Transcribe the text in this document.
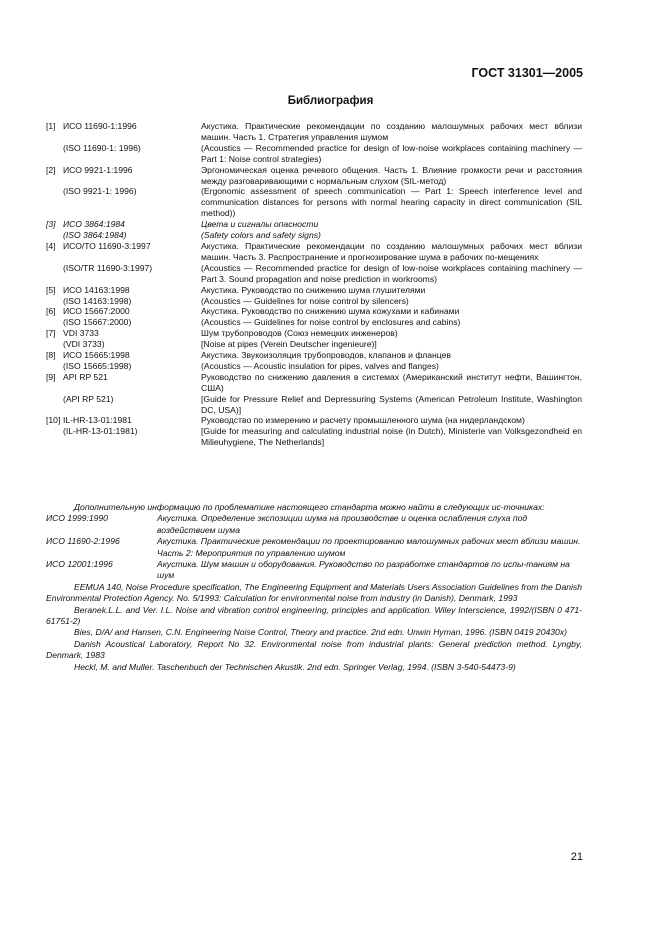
ГОСТ 31301—2005
Библиография
[1] ИСО 11690-1:1996	Акустика. Практические рекомендации по созданию малошумных рабочих мест вблизи машин. Часть 1. Стратегия управления шумом
(ISO 11690-1: 1996)	(Acoustics — Recommended practice for design of low-noise workplaces containing machinery — Part 1: Noise control strategies)
[2] ИСО 9921-1:1996	Эргономическая оценка речевого общения. Часть 1. Влияние громкости речи и расстояния между разговаривающими с нормальным слухом (SIL-метод)
(ISO 9921-1: 1996)	(Ergonomic assessment of speech communication — Part 1: Speech interference level and communication distances for persons with normal hearing capacity in direct communication (SIL method))
[3] ИСО 3864:1984	Цвета и сигналы опасности
(ISO 3864:1984)	(Safety colors and safety signs)
[4] ИСО/ТО 11690-3:1997	Акустика. Практические рекомендации по созданию малошумных рабочих мест вблизи машин. Часть 3. Распространение и прогнозирование шума в рабочих по-мещениях
(ISO/TR 11690-3:1997)	(Acoustics — Recommended practice for design of low-noise workplaces containing machinery — Part 3. Sound propagation and noise prediction in workrooms)
[5] ИСО 14163:1998	Акустика. Руководство по снижению шума глушителями
(ISO 14163:1998)	(Acoustics — Guidelines for noise control by silencers)
[6] ИСО 15667:2000	Акустика. Руководство по снижению шума кожухами и кабинами
(ISO 15667:2000)	(Acoustics — Guidelines for noise control by enclosures and cabins)
[7] VDI 3733	Шум трубопроводов (Союз немецких инженеров)
(VDI 3733)	[Noise at pipes (Verein Deutscher ingenieure)]
[8] ИСО 15665:1998	Акустика. Звукоизоляция трубопроводов, клапанов и фланцев
(ISO 15665:1998)	(Acoustics — Acoustic insulation for pipes, valves and flanges)
[9] API RP 521	Руководство по снижению давления в системах (Американский институт нефти, Вашингтон, США)
(API RP 521)	[Guide for Pressure Relief and Depressuring Systems (American Petroleum Institute, Washington DC, USA)]
[10] IL-HR-13-01:1981	Руководство по измерению и расчету промышленного шума (на нидерландском)
(IL-HR-13-01:1981)	[Guide for measuring and calculating industrial noise (in Dutch), Ministerie van Volksgezondheid en Milieuhygiene, The Netherlands]

Дополнительную информацию по проблематике настоящего стандарта можно найти в следующих ис-точниках:

ИСО 1999:1990	Акустика. Определение экспозиции шума на производстве и оценка ослабления слуха под воздействием шума
ИСО 11690-2:1996	Акустика. Практические рекомендации по проектированию малошумных рабочих мест вблизи машин. Часть 2: Мероприятия по управлению шумом
ИСО 12001:1996	Акустика. Шум машин и оборудования. Руководство по разработке стандартов по испы-таниям на шум

EEMUA 140, Noise Procedure specification, The Engineering Equipment and Materials Users Association Guidelines from the Danish Environmental Protection Agency. No. 5/1993: Calculation for environmental noise from industry (in Danish), Denmark, 1993

Beranek.L.L. and Ver. I.L. Noise and vibration control engineering, principles and application. Wiley Interscience, 1992/(ISBN 0 471-61751-2)

Bies, D/A/ and Hansen, C.N. Engineering Noise Control, Theory and practice. 2nd edn. Unwin Hyman, 1996. (ISBN 0419 20430x)

Danish Acoustical Laboratory, Report No 32. Environmental noise from industrial plants: General prediction method. Lyngby, Denmark, 1983

Heckl, M. and Muller. Taschenbuch der Technischen Akustik. 2nd edn. Springer Verlag, 1994. (ISBN 3-540-54473-9)

21
